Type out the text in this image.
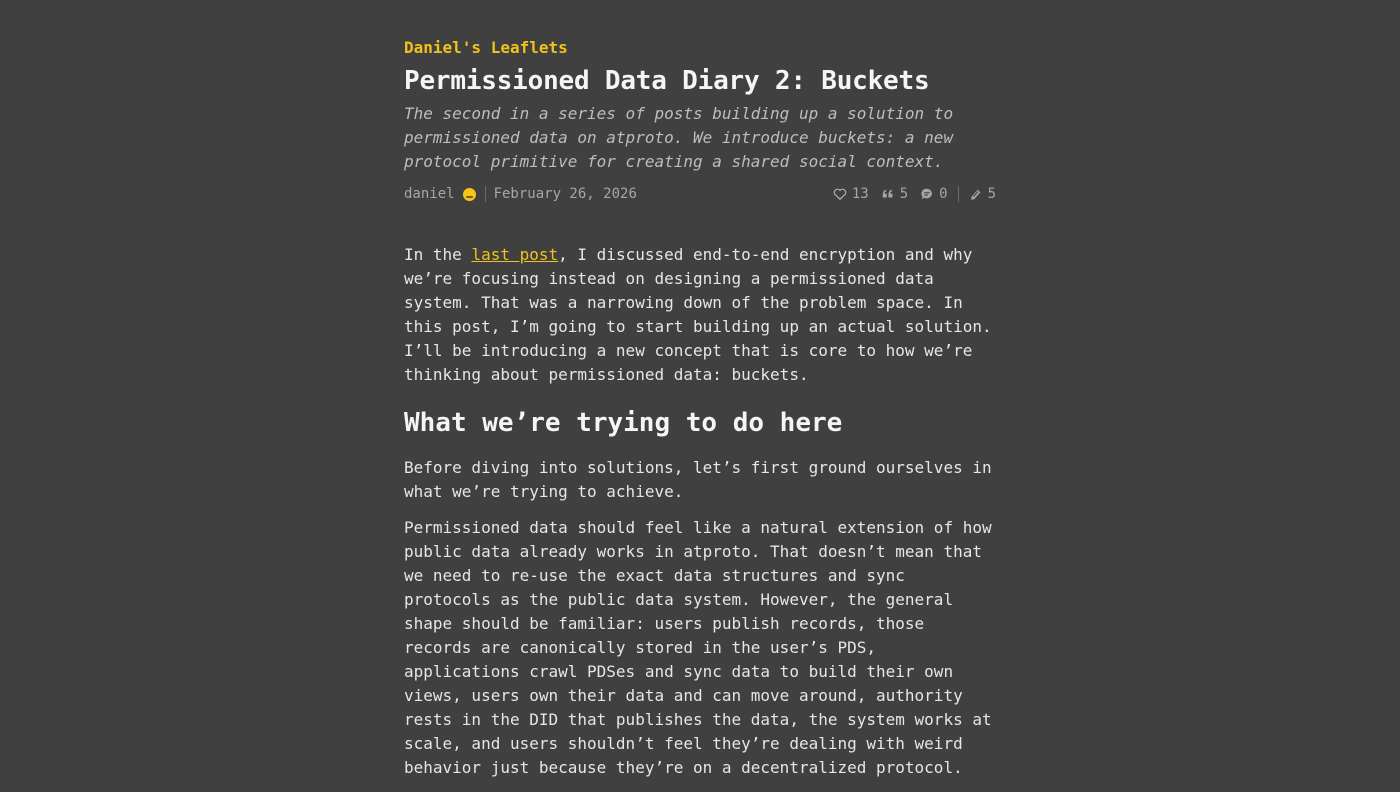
Daniel's Leaflets
Permissioned Data Diary 2: Buckets

The second in a series of posts building up a solution to permissioned data on atproto. We introduce buckets: a new protocol primitive for creating a shared social context.

daniel	February 26, 2026	13 5 0	5

In the last post, I discussed end-to-end encryption and why we’re focusing instead on designing a permissioned data system. That was a narrowing down of the problem space. In this post, I’m going to start building up an actual solution. I’ll be introducing a new concept that is core to how we’re thinking about permissioned data: buckets.

What we’re trying to do here

Before diving into solutions, let’s first ground ourselves in what we’re trying to achieve.

Permissioned data should feel like a natural extension of how public data already works in atproto. That doesn’t mean that we need to re-use the exact data structures and sync protocols as the public data system. However, the general shape should be familiar: users publish records, those records are canonically stored in the user’s PDS, applications crawl PDSes and sync data to build their own views, users own their data and can move around, authority rests in the DID that publishes the data, the system works at scale, and users shouldn’t feel they’re dealing with weird behavior just because they’re on a decentralized protocol.
